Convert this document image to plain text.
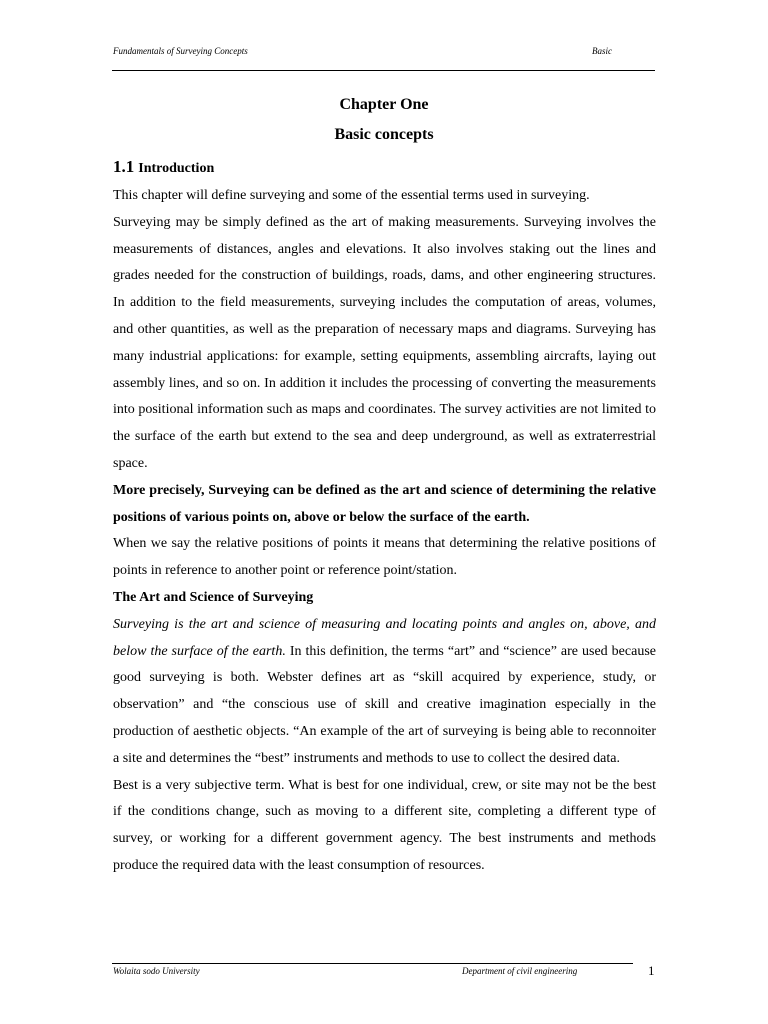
Fundamentals of Surveying Concepts	Basic
Chapter One
Basic concepts
1.1 Introduction

This chapter will define surveying and some of the essential terms used in surveying.

Surveying may be simply defined as the art of making measurements. Surveying involves the measurements of distances, angles and elevations. It also involves staking out the lines and grades needed for the construction of buildings, roads, dams, and other engineering structures. In addition to the field measurements, surveying includes the computation of areas, volumes, and other quantities, as well as the preparation of necessary maps and diagrams. Surveying has many industrial applications: for example, setting equipments, assembling aircrafts, laying out assembly lines, and so on. In addition it includes the processing of converting the measurements into positional information such as maps and coordinates. The survey activities are not limited to the surface of the earth but extend to the sea and deep underground, as well as extraterrestrial space.

More precisely, Surveying can be defined as the art and science of determining the relative positions of various points on, above or below the surface of the earth.

When we say the relative positions of points it means that determining the relative positions of points in reference to another point or reference point/station.

The Art and Science of Surveying

Surveying is the art and science of measuring and locating points and angles on, above, and below the surface of the earth. In this definition, the terms “art” and “science” are used because good surveying is both. Webster defines art as “skill acquired by experience, study, or observation” and “the conscious use of skill and creative imagination especially in the production of aesthetic objects. “An example of the art of surveying is being able to reconnoiter a site and determines the “best” instruments and methods to use to collect the desired data.

Best is a very subjective term. What is best for one individual, crew, or site may not be the best if the conditions change, such as moving to a different site, completing a different type of survey, or working for a different government agency. The best instruments and methods produce the required data with the least consumption of resources.

Wolaita sodo University	Department of civil engineering	1
